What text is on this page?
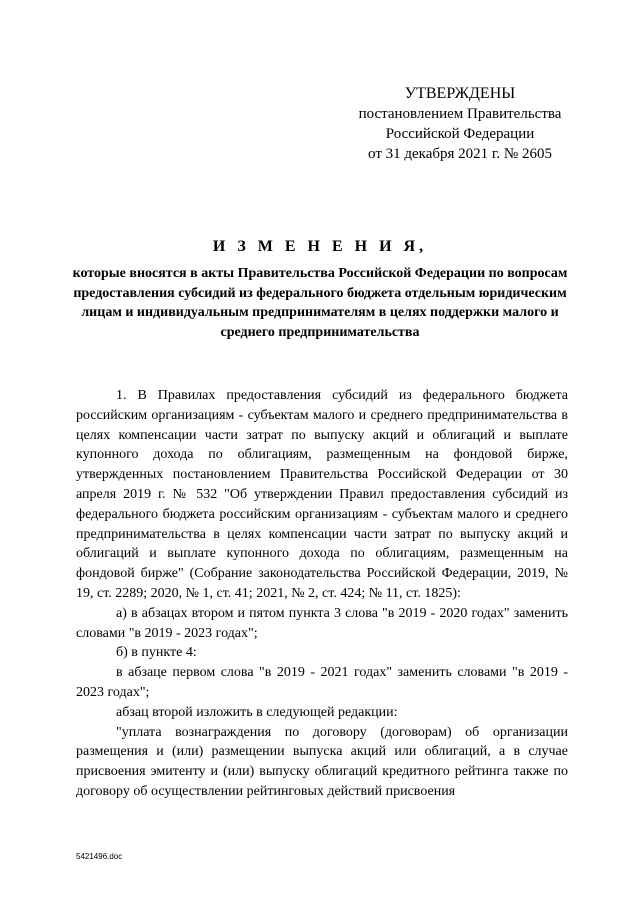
УТВЕРЖДЕНЫ
постановлением Правительства
Российской Федерации
от 31 декабря 2021 г. № 2605
И З М Е Н Е Н И Я,
которые вносятся в акты Правительства Российской Федерации по вопросам предоставления субсидий из федерального бюджета отдельным юридическим лицам и индивидуальным предпринимателям в целях поддержки малого и среднего предпринимательства

1. В Правилах предоставления субсидий из федерального бюджета российским организациям - субъектам малого и среднего предпринимательства в целях компенсации части затрат по выпуску акций и облигаций и выплате купонного дохода по облигациям, размещенным на фондовой бирже, утвержденных постановлением Правительства Российской Федерации от 30 апреля 2019 г. № 532 "Об утверждении Правил предоставления субсидий из федерального бюджета российским организациям - субъектам малого и среднего предпринимательства в целях компенсации части затрат по выпуску акций и облигаций и выплате купонного дохода по облигациям, размещенным на фондовой бирже" (Собрание законодательства Российской Федерации, 2019, № 19, ст. 2289; 2020, № 1, ст. 41; 2021, № 2, ст. 424; № 11, ст. 1825):

а) в абзацах втором и пятом пункта 3 слова "в 2019 - 2020 годах" заменить словами "в 2019 - 2023 годах";

б) в пункте 4:

в абзаце первом слова "в 2019 - 2021 годах" заменить словами "в 2019 - 2023 годах";

абзац второй изложить в следующей редакции:

"уплата вознаграждения по договору (договорам) об организации размещения и (или) размещении выпуска акций или облигаций, а в случае присвоения эмитенту и (или) выпуску облигаций кредитного рейтинга также по договору об осуществлении рейтинговых действий присвоения

5421496.doc
